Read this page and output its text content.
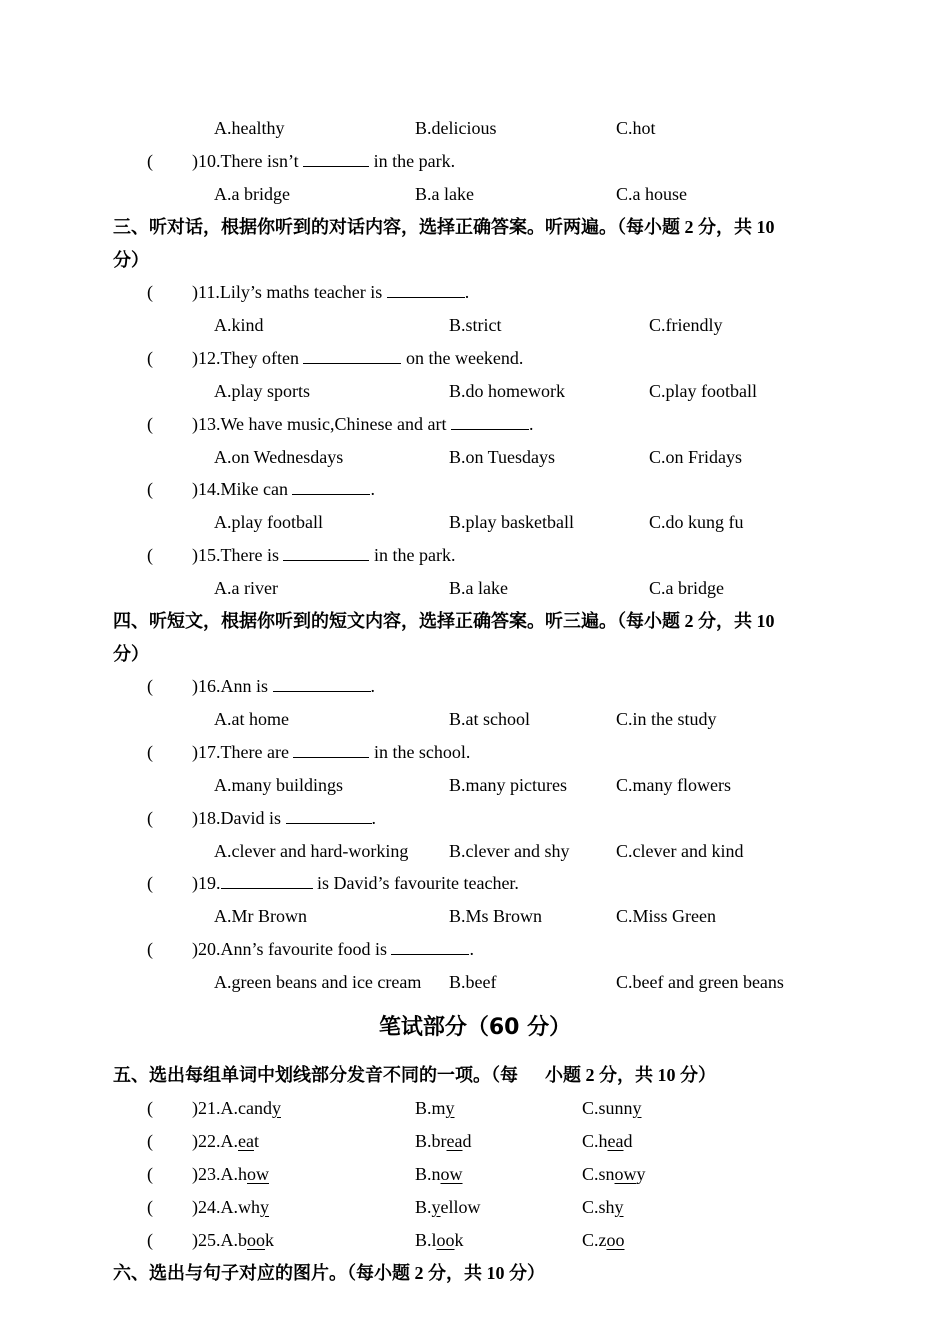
A.healthy	B.delicious	C.hot
( )10.There isn’t	in the park.
A.a bridge	B.a lake	C.a house
三、听对话，根据你听到的对话内容，选择正确答案。听两遍。（每小题 2 分，共 10
分）
( )11.Lily’s maths teacher is	.
A.kind	B.strict	C.friendly
( )12.They often	on the weekend.
A.play sports	B.do homework	C.play football
( )13.We have music,Chinese and art	.
A.on Wednesdays	B.on Tuesdays	C.on Fridays
( )14.Mike can	.
A.play football	B.play basketball	C.do kung fu
( )15.There is	in the park.
A.a river	B.a lake	C.a bridge
四、听短文，根据你听到的短文内容，选择正确答案。听三遍。（每小题 2 分，共 10
分）
( )16.Ann is	.
A.at home	B.at school	C.in the study
( )17.There are	in the school.
A.many buildings	B.many pictures	C.many flowers
( )18.David is	.
A.clever and hard-working B.clever and shy	C.clever and kind
( )19.	is David’s favourite teacher.
A.Mr Brown	B.Ms Brown	C.Miss Green
( )20.Ann’s favourite food is	.
A.green beans and ice cream B.beef	C.beef and green beans
笔试部分（60 分）
五、选出每组单词中划线部分发音不同的一项。（每      小题 2 分，共 10 分）
( )21.A.candy	B.my	C.sunny
( )22.A.eat	B.bread	C.head
( )23.A.how	B.now	C.snowy
( )24.A.why	B.yellow	C.shy
( )25.A.book	B.look	C.zoo
六、选出与句子对应的图片。（每小题 2 分，共 10 分）
